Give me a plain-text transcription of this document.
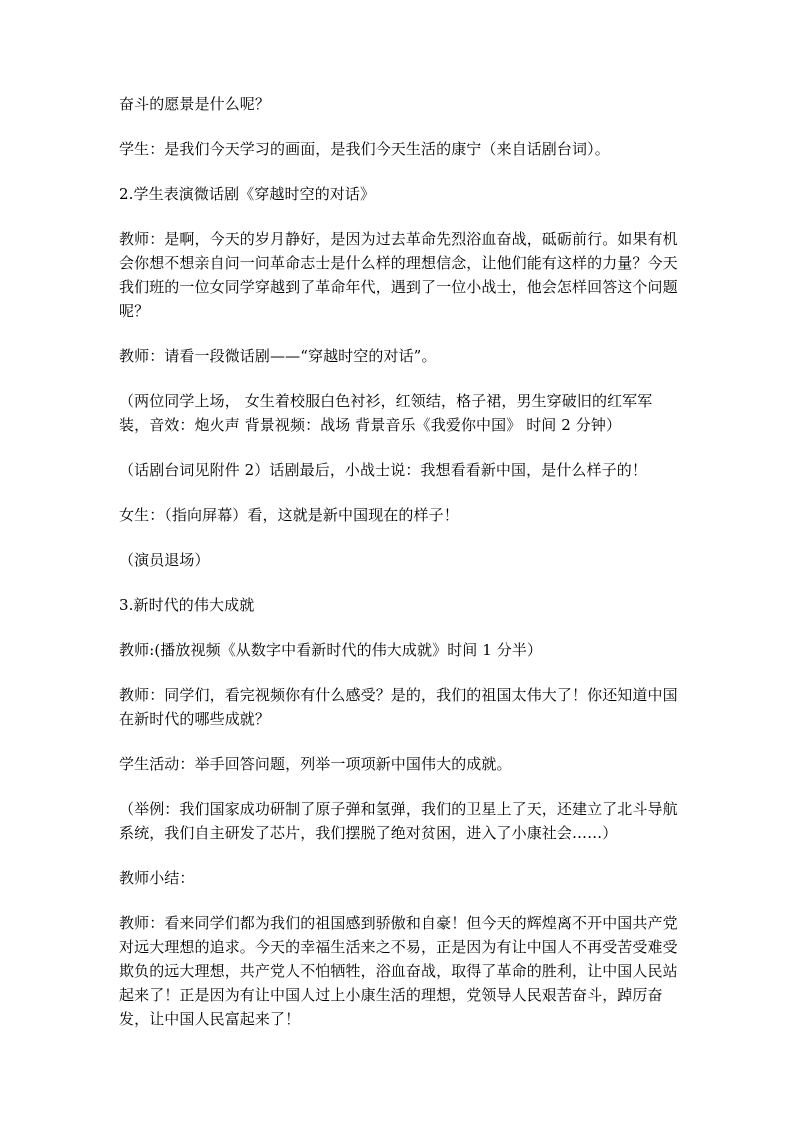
奋斗的愿景是什么呢？

学生：是我们今天学习的画面，是我们今天生活的康宁（来自话剧台词）。

2.学生表演微话剧《穿越时空的对话》

教师：是啊，今天的岁月静好，是因为过去革命先烈浴血奋战，砥砺前行。如果有机会你想不想亲自问一问革命志士是什么样的理想信念，让他们能有这样的力量？今天我们班的一位女同学穿越到了革命年代，遇到了一位小战士，他会怎样回答这个问题呢？

教师：请看一段微话剧——“穿越时空的对话”。

（两位同学上场， 女生着校服白色衬衫，红领结，格子裙，男生穿破旧的红军军装，音效：炮火声 背景视频：战场 背景音乐《我爱你中国》 时间 2 分钟）

（话剧台词见附件 2）话剧最后，小战士说：我想看看新中国，是什么样子的！

女生：（指向屏幕）看，这就是新中国现在的样子！

（演员退场）

3.新时代的伟大成就

教师:(播放视频《从数字中看新时代的伟大成就》时间 1 分半）

教师：同学们，看完视频你有什么感受？是的，我们的祖国太伟大了！你还知道中国在新时代的哪些成就？

学生活动：举手回答问题，列举一项项新中国伟大的成就。

（举例：我们国家成功研制了原子弹和氢弹，我们的卫星上了天，还建立了北斗导航系统，我们自主研发了芯片，我们摆脱了绝对贫困，进入了小康社会……）

教师小结：

教师：看来同学们都为我们的祖国感到骄傲和自豪！但今天的辉煌离不开中国共产党对远大理想的追求。今天的幸福生活来之不易，正是因为有让中国人不再受苦受难受欺负的远大理想，共产党人不怕牺牲，浴血奋战，取得了革命的胜利，让中国人民站起来了！正是因为有让中国人过上小康生活的理想，党领导人民艰苦奋斗，踔厉奋发，让中国人民富起来了！
